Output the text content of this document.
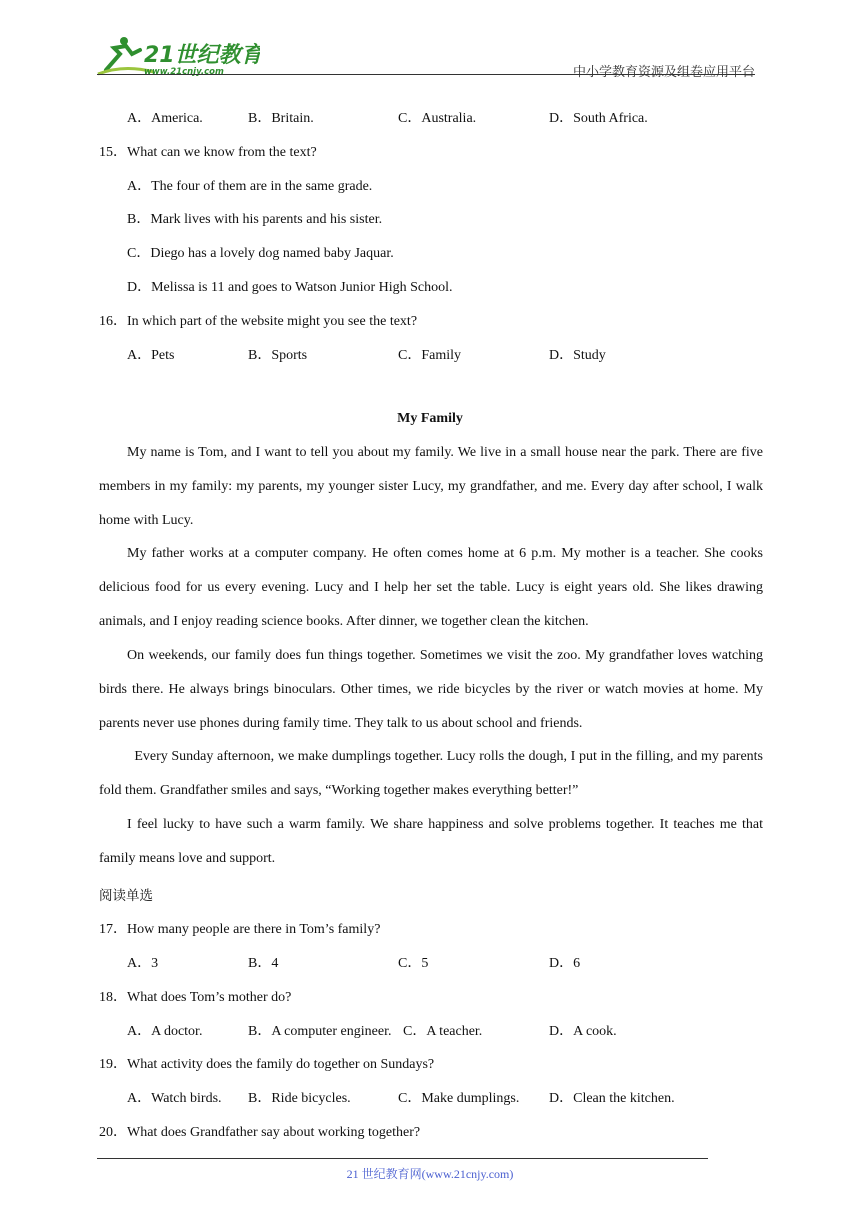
21世纪教育
www.21cnjy.com	中小学教育资源及组卷应用平台
A．America.	B．Britain.	C．Australia.	D．South Africa.
15．What can we know from the text?
A．The four of them are in the same grade.
B．Mark lives with his parents and his sister.
C．Diego has a lovely dog named baby Jaquar.
D．Melissa is 11 and goes to Watson Junior High School.
16．In which part of the website might you see the text?
A．Pets	B．Sports	C．Family	D．Study
My Family
My name is Tom, and I want to tell you about my family. We live in a small house near the park. There are five members in my family: my parents, my younger sister Lucy, my grandfather, and me. Every day after school, I walk home with Lucy.
My father works at a computer company. He often comes home at 6 p.m. My mother is a teacher. She cooks delicious food for us every evening. Lucy and I help her set the table. Lucy is eight years old. She likes drawing animals, and I enjoy reading science books. After dinner, we together clean the kitchen.
On weekends, our family does fun things together. Sometimes we visit the zoo. My grandfather loves watching birds there. He always brings binoculars. Other times, we ride bicycles by the river or watch movies at home. My parents never use phones during family time. They talk to us about school and friends.
Every Sunday afternoon, we make dumplings together. Lucy rolls the dough, I put in the filling, and my parents fold them. Grandfather smiles and says, “Working together makes everything better!”
I feel lucky to have such a warm family. We share happiness and solve problems together. It teaches me that family means love and support.
阅读单选
17．How many people are there in Tom’s family?
A．3	B．4	C．5	D．6
18．What does Tom’s mother do?
A．A doctor.	B．A computer engineer. C．A teacher.	D．A cook.
19．What activity does the family do together on Sundays?
A．Watch birds. B．Ride bicycles.	C．Make dumplings. D．Clean the kitchen.
20．What does Grandfather say about working together?
21 世纪教育网(www.21cnjy.com)
